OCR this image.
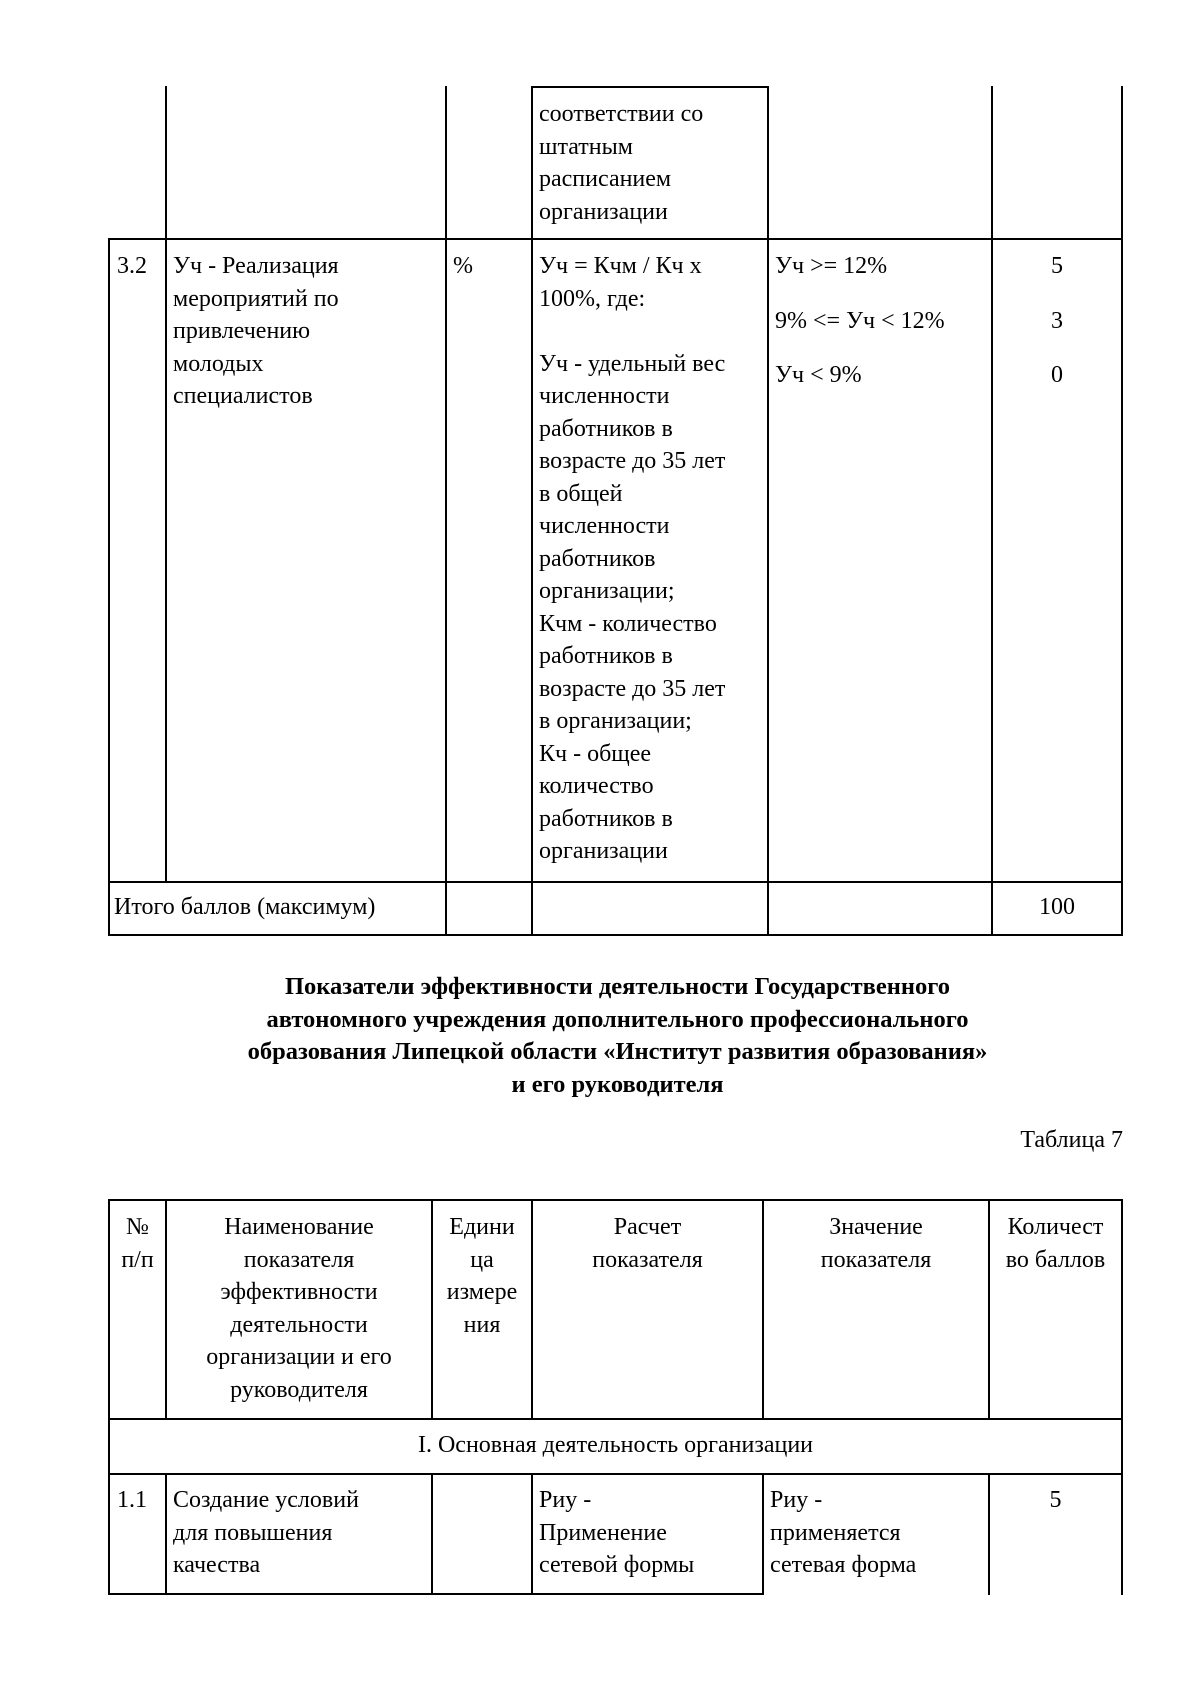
соответствии со
штатным
расписанием
организации
3.2 Уч - Реализация
мероприятий по
привлечению
молодых
специалистов
%	Уч = Кчм / Кч x
100%, где:
Уч - удельный вес
численности
работников в
возрасте до 35 лет
в общей
численности
работников
организации;
Кчм - количество
работников в
возрасте до 35 лет
в организации;
Кч - общее
количество
работников в
организации
Уч >= 12%
9% <= Уч < 12%
Уч < 9%
5
3
0
Итого баллов (максимум)	100
Показатели эффективности деятельности Государственного
автономного учреждения дополнительного профессионального
образования Липецкой области «Институт развития образования»
и его руководителя
Таблица 7
№
п/п
Наименование
показателя
эффективности
деятельности
организации и его
руководителя
Едини
ца
измере
ния
Расчет
показателя
Значение
показателя
Количест
во баллов
I. Основная деятельность организации
1.1 Создание условий
для повышения
качества
Риу -
Применение
сетевой формы
Риу -
применяется
сетевая форма
5
